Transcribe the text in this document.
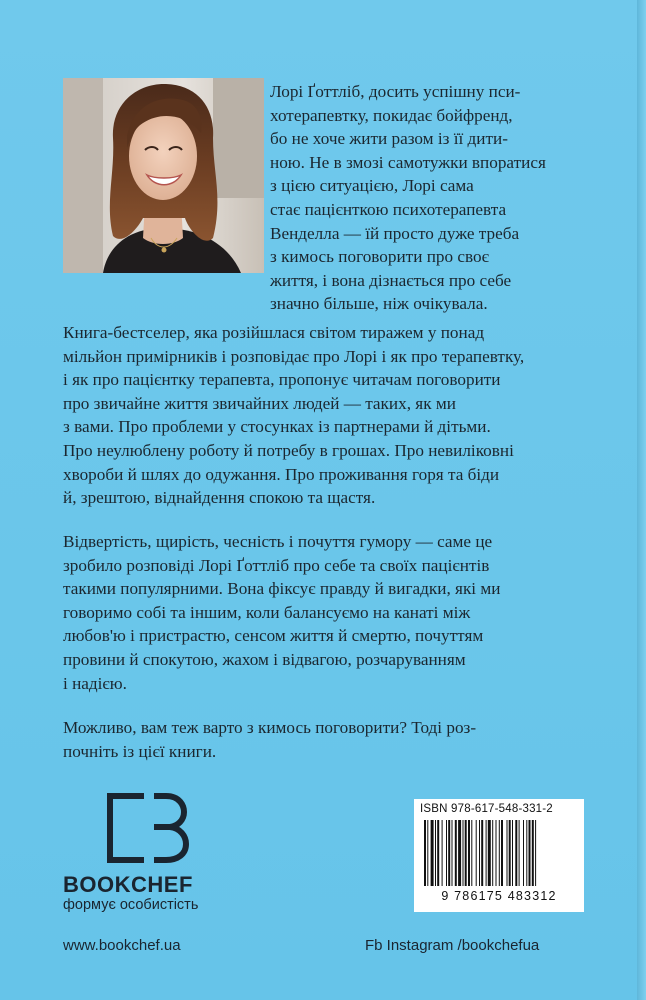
Лорі Ґоттліб, досить успішну пси-
хотерапевтку, покидає бойфренд,
бо не хоче жити разом із її дити-
ною. Не в змозі самотужки впоратися
з цією ситуацією, Лорі сама
стає пацієнткою психотерапевта
Венделла — їй просто дуже треба
з кимось поговорити про своє
життя, і вона дізнається про себе
значно більше, ніж очікувала.

Книга-бестселер, яка розійшлася світом тиражем у понад
мільйон примірників і розповідає про Лорі і як про терапевтку,
і як про пацієнтку терапевта, пропонує читачам поговорити
про звичайне життя звичайних людей — таких, як ми
з вами. Про проблеми у стосунках із партнерами й дітьми.
Про неулюблену роботу й потребу в грошах. Про невиліковні
хвороби й шлях до одужання. Про проживання горя та біди
й, зрештою, віднайдення спокою та щастя.

Відвертість, щирість, чесність і почуття гумору — саме це
зробило розповіді Лорі Ґоттліб про себе та своїх пацієнтів
такими популярними. Вона фіксує правду й вигадки, які ми
говоримо собі та іншим, коли балансуємо на канаті між
любов'ю і пристрастю, сенсом життя й смертю, почуттям
провини й спокутою, жахом і відвагою, розчаруванням
і надією.

Можливо, вам теж варто з кимось поговорити? Тоді роз-
почніть із цієї книги.

BOOKCHEF
формує особистість
www.bookchef.ua	Fb Instagram /bookchefua
ISBN 978-617-548-331-2
9 786175 483312
